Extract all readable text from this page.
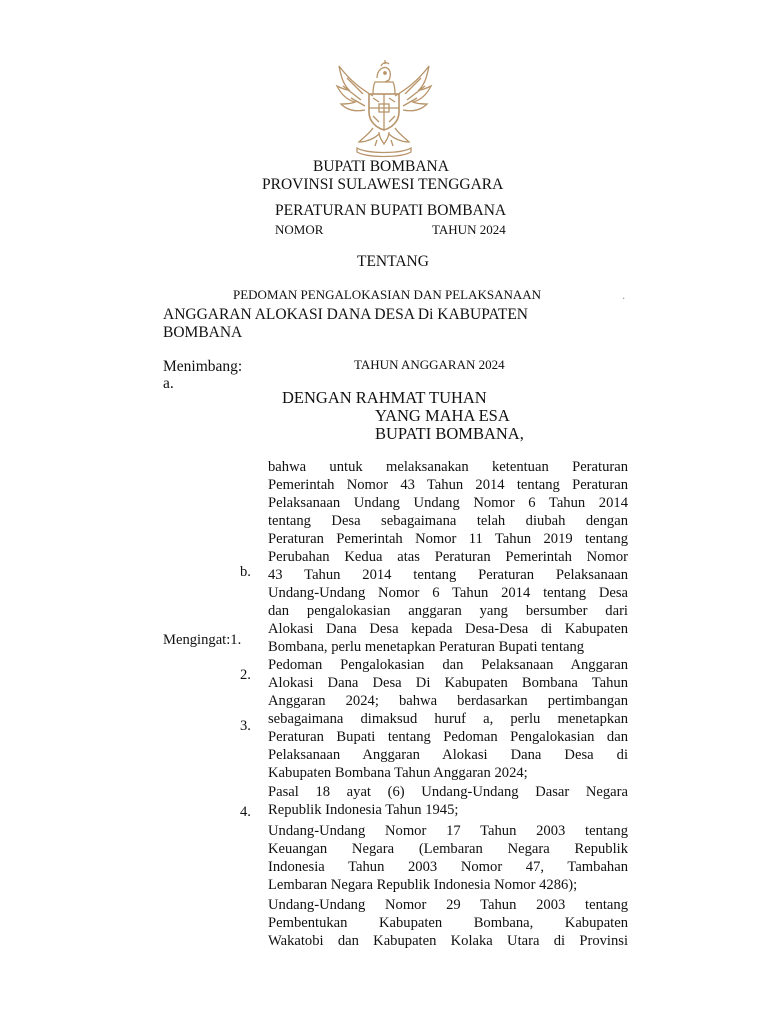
BUPATI BOMBANA
PROVINSI SULAWESI TENGGARA
PERATURAN BUPATI BOMBANA
NOMOR	TAHUN 2024
TENTANG
PEDOMAN PENGALOKASIAN DAN PELAKSANAAN	.
ANGGARAN ALOKASI DANA DESA Di KABUPATEN
BOMBANA
Menimbang:	TAHUN ANGGARAN 2024
a.
DENGAN RAHMAT TUHAN
YANG MAHA ESA
BUPATI BOMBANA,
b.
Mengingat:1.
2.
3.
4.
bahwa untuk melaksanakan ketentuan Peraturan
Pemerintah Nomor 43 Tahun 2014 tentang Peraturan
Pelaksanaan Undang Undang Nomor 6 Tahun 2014
tentang Desa sebagaimana telah diubah dengan
Peraturan Pemerintah Nomor 11 Tahun 2019 tentang
Perubahan Kedua atas Peraturan Pemerintah Nomor
43 Tahun 2014 tentang Peraturan Pelaksanaan
Undang-Undang Nomor 6 Tahun 2014 tentang Desa
dan pengalokasian anggaran yang bersumber dari
Alokasi Dana Desa kepada Desa-Desa di Kabupaten
Bombana, perlu menetapkan Peraturan Bupati tentang
Pedoman Pengalokasian dan Pelaksanaan Anggaran
Alokasi Dana Desa Di Kabupaten Bombana Tahun
Anggaran 2024; bahwa berdasarkan pertimbangan
sebagaimana dimaksud huruf a, perlu menetapkan
Peraturan Bupati tentang Pedoman Pengalokasian dan
Pelaksanaan Anggaran Alokasi Dana Desa di
Kabupaten Bombana Tahun Anggaran 2024;
Pasal 18 ayat (6) Undang-Undang Dasar Negara
Republik Indonesia Tahun 1945;
Undang-Undang Nomor 17 Tahun 2003 tentang
Keuangan Negara (Lembaran Negara Republik
Indonesia Tahun 2003 Nomor 47, Tambahan
Lembaran Negara Republik Indonesia Nomor 4286);
Undang-Undang Nomor 29 Tahun 2003 tentang
Pembentukan Kabupaten Bombana, Kabupaten
Wakatobi dan Kabupaten Kolaka Utara di Provinsi
